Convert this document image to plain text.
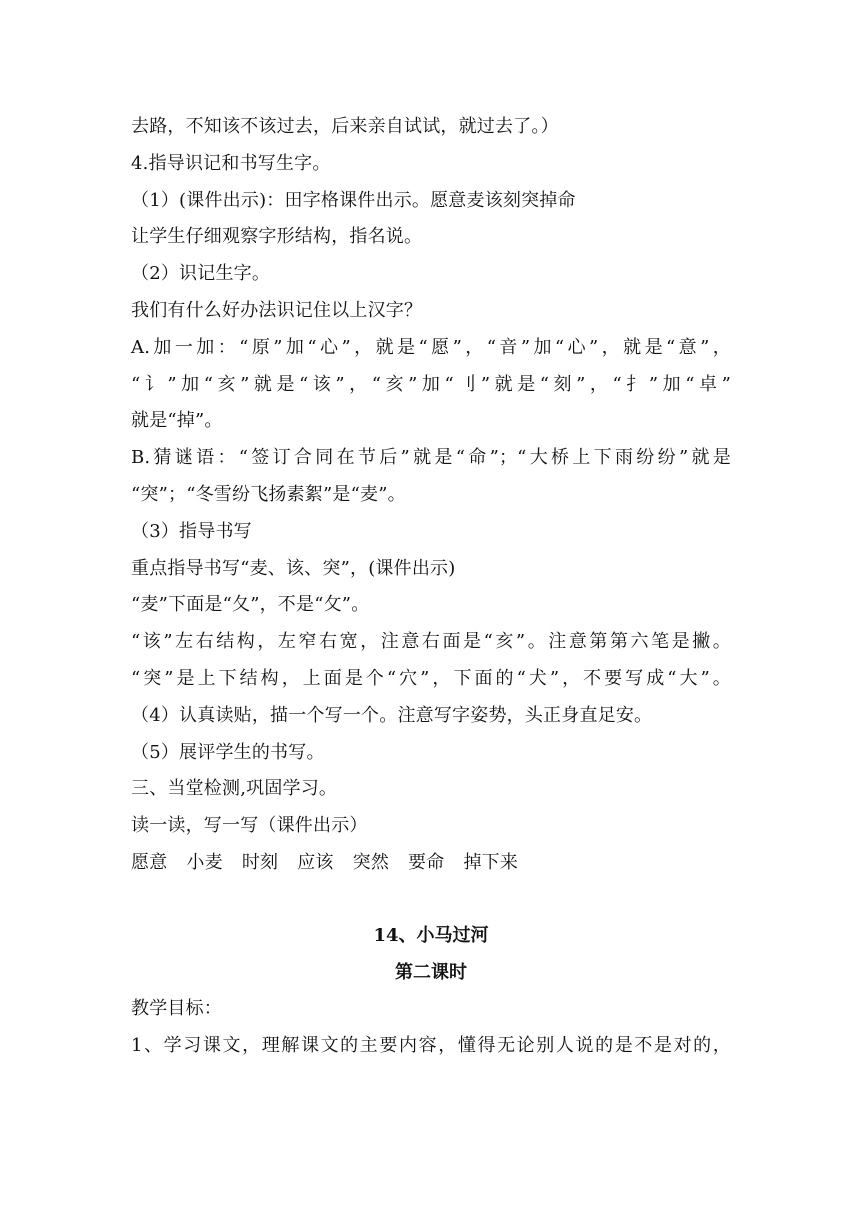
去路，不知该不该过去，后来亲自试试，就过去了。）
4.指导识记和书写生字。
（1）(课件出示)：田字格课件出示。愿意麦该刻突掉命
让学生仔细观察字形结构，指名说。
（2）识记生字。
我们有什么好办法识记住以上汉字？
A.加一加：“原”加“心”，就是“愿”，“音”加“心”，就是“意”，
“讠”加“亥”就是“该”，“亥”加“刂”就是“刻”，“扌”加“卓”
就是“掉”。
B.猜谜语：“签订合同在节后”就是“命”；“大桥上下雨纷纷”就是
“突”；“冬雪纷飞扬素絮”是“麦”。
（3）指导书写
重点指导书写“麦、该、突”，(课件出示)
“麦”下面是“夂”，不是“攵”。
“该”左右结构，左窄右宽，注意右面是“亥”。注意第第六笔是撇。
“突”是上下结构，上面是个“穴”，下面的“犬”，不要写成“大”。
（4）认真读贴，描一个写一个。注意写字姿势，头正身直足安。
（5）展评学生的书写。
三、当堂检测,巩固学习。
读一读，写一写（课件出示）
愿意 小麦 时刻 应该 突然 要命 掉下来
14、小马过河
第二课时
教学目标：
1、学习课文，理解课文的主要内容，懂得无论别人说的是不是对的，
